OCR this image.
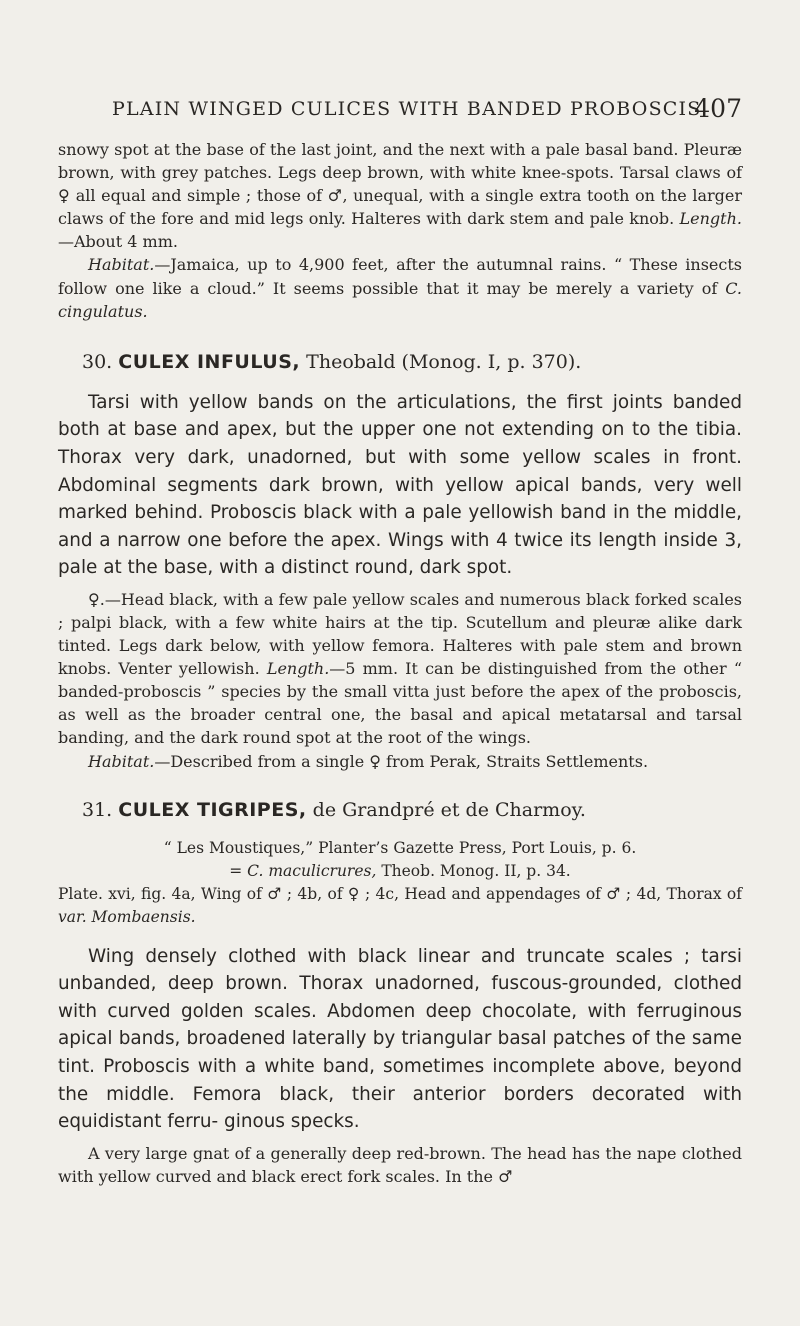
PLAIN WINGED CULICES WITH BANDED PROBOSCIS
407

snowy spot at the base of the last joint, and the next with a pale basal band. Pleuræ brown, with grey patches. Legs deep brown, with white knee-spots. Tarsal claws of ♀ all equal and simple ; those of ♂, unequal, with a single extra tooth on the larger claws of the fore and mid legs only. Halteres with dark stem and pale knob. Length.—About 4 mm.

Habitat.—Jamaica, up to 4,900 feet, after the autumnal rains. “ These insects follow one like a cloud.” It seems possible that it may be merely a variety of C. cingulatus.

30. CULEX INFULUS, Theobald (Monog. I, p. 370).

Tarsi with yellow bands on the articulations, the first joints banded both at base and apex, but the upper one not extending on to the tibia. Thorax very dark, unadorned, but with some yellow scales in front. Abdominal segments dark brown, with yellow apical bands, very well marked behind. Proboscis black with a pale yellowish band in the middle, and a narrow one before the apex. Wings with 4 twice its length inside 3, pale at the base, with a distinct round, dark spot.

♀.—Head black, with a few pale yellow scales and numerous black forked scales ; palpi black, with a few white hairs at the tip. Scutellum and pleuræ alike dark tinted. Legs dark below, with yellow femora. Halteres with pale stem and brown knobs. Venter yellowish. Length.—5 mm. It can be distinguished from the other “ banded-proboscis ” species by the small vitta just before the apex of the proboscis, as well as the broader central one, the basal and apical metatarsal and tarsal banding, and the dark round spot at the root of the wings.

Habitat.—Described from a single ♀ from Perak, Straits Settlements.

31. CULEX TIGRIPES, de Grandpré et de Charmoy.

“ Les Moustiques,” Planter’s Gazette Press, Port Louis, p. 6.

= C. maculicrures, Theob. Monog. II, p. 34.

Plate. xvi, fig. 4a, Wing of ♂ ; 4b, of ♀ ; 4c, Head and appendages of ♂ ; 4d, Thorax of var. Mombaensis.

Wing densely clothed with black linear and truncate scales ; tarsi unbanded, deep brown. Thorax unadorned, fuscous-grounded, clothed with curved golden scales. Abdomen deep chocolate, with ferruginous apical bands, broadened laterally by triangular basal patches of the same tint. Proboscis with a white band, sometimes incomplete above, beyond the middle. Femora black, their anterior borders decorated with equidistant ferru- ginous specks.

A very large gnat of a generally deep red-brown. The head has the nape clothed with yellow curved and black erect fork scales. In the ♂
